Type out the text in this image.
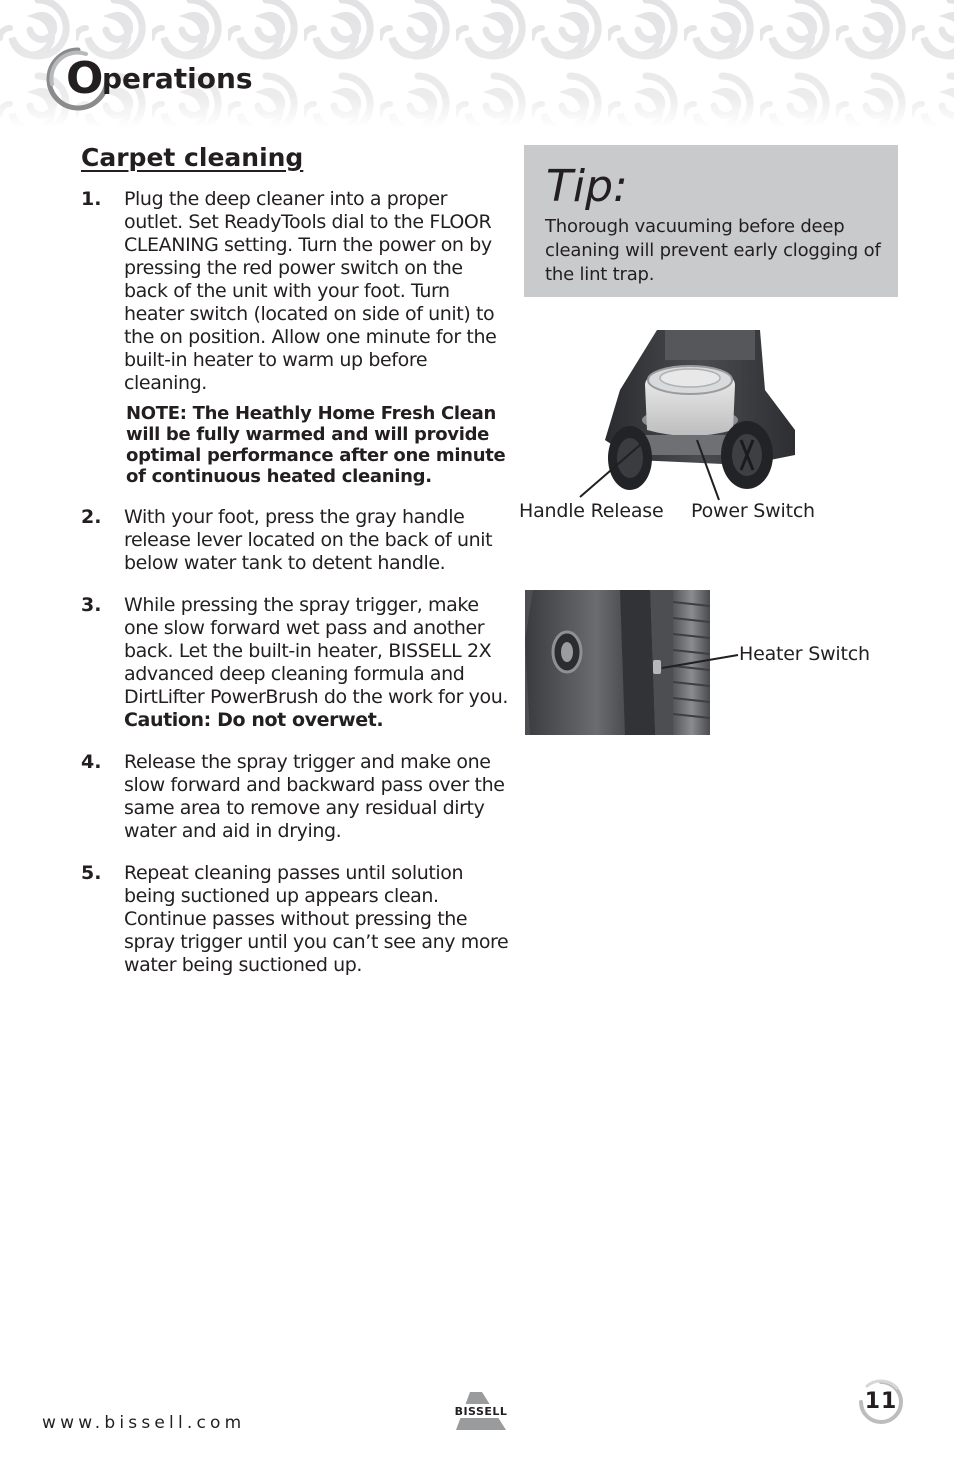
O
perations
Carpet cleaning
1. Plug the deep cleaner into a proper outlet. Set ReadyTools dial to the FLOOR CLEANING setting. Turn the power on by pressing the red power switch on the back of the unit with your foot. Turn heater switch (located on side of unit) to the on position. Allow one minute for the built-in heater to warm up before cleaning.
NOTE: The Heathly Home Fresh Clean will be fully warmed and will provide optimal performance after one minute of continuous heated cleaning.
2. With your foot, press the gray handle release lever located on the back of unit below water tank to detent handle.
3. While pressing the spray trigger, make one slow forward wet pass and another back. Let the built-in heater, BISSELL 2X advanced deep cleaning formula and DirtLifter PowerBrush do the work for you. Caution: Do not overwet.
4. Release the spray trigger and make one slow forward and backward pass over the same area to remove any residual dirty water and aid in drying.
5. Repeat cleaning passes until solution being suctioned up appears clean. Continue passes without pressing the spray trigger until you can’t see any more water being suctioned up.
Tip:
Thorough vacuuming before deep cleaning will prevent early clogging of the lint trap.
Handle Release Power Switch
Heater Switch
www.bissell.com
BISSELL	11
